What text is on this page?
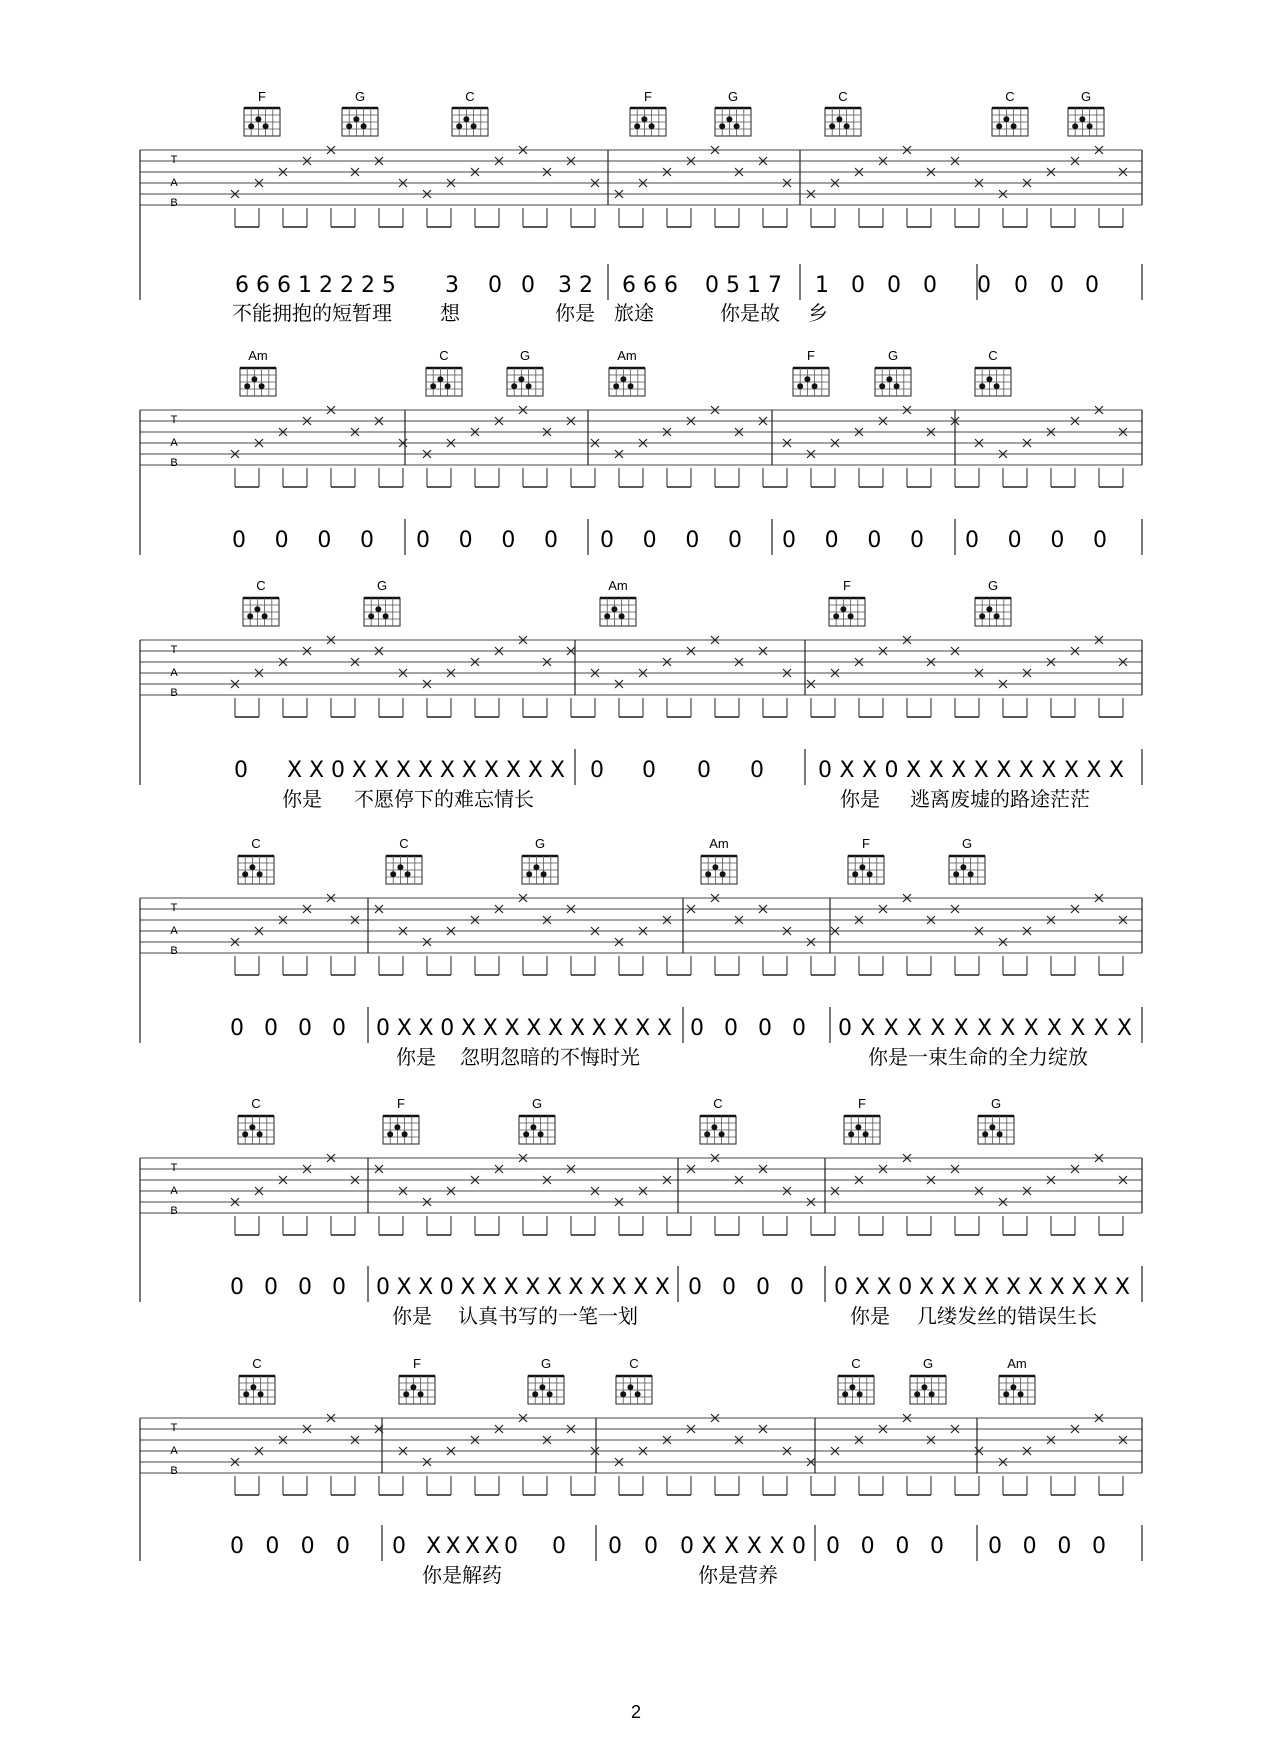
F	G	C	F	G	C	C	G
Am	C	G	Am	F	G	C
C	G	Am	F	G
C	C	G	Am	F	G
C	F	G	C	F	G
C	F	G	C	C	G	Am
T
A
B
T
A
B
T
A
B
T
A
B
T
A
B
T
A
B
6 6 6 1 2 2 2 5 3 0 0 3 2 6 6 6 0 5 1 7 1 0 0 0 0 0 0 0
不能拥抱的短暂理 想	你是 旅途	你是故 乡
0 0 0 0 0 0 0 0 0 0 0 0 0 0 0 0 0 0 0 0
0 X X 0 X X X X X X X X X X 0 0 0 0 0 X X 0 X X X X X X X X X X
你是 不愿停下的难忘情长	你是 逃离废墟的路途茫茫
0 0 0 0 0 X X 0 X X X X X X X X X X 0 0 0 0 0 X X X X X X X X X X X X
你是 忽明忽暗的不悔时光	你是一束生命的全力绽放
0 0 0 0 0 X X 0 X X X X X X X X X X 0 0 0 0 0 X X 0 X X X X X X X X X X
你是 认真书写的一笔一划	你是 几缕发丝的错误生长
0 0 0 0 0 X X X X 0 0 0 0 0 X X X X 0 0 0 0 0 0 0 0 0
你是解药	你是营养
2
